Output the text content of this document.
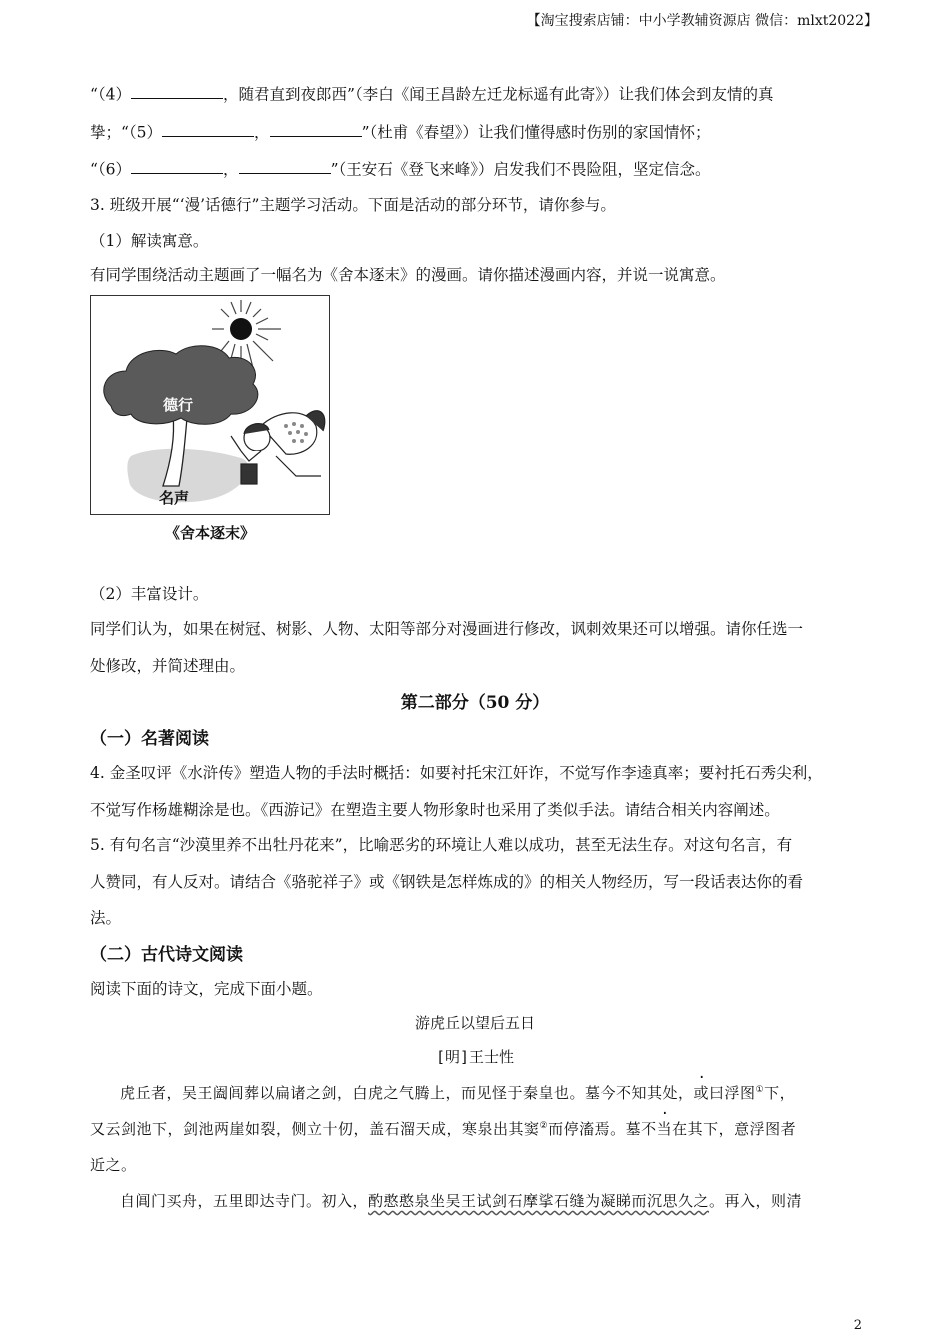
【淘宝搜索店铺：中小学教辅资源店 微信：mlxt2022】
“（4）	，随君直到夜郎西”（李白《闻王昌龄左迁龙标遥有此寄》）让我们体会到友情的真
挚；“（5）	，	”（杜甫《春望》）让我们懂得感时伤别的家国情怀；
“（6）	，	”（王安石《登飞来峰》）启发我们不畏险阻，坚定信念。
3. 班级开展“‘漫’话德行”主题学习活动。下面是活动的部分环节，请你参与。
（1）解读寓意。
有同学围绕活动主题画了一幅名为《舍本逐末》的漫画。请你描述漫画内容，并说一说寓意。
德行
名声
《舍本逐末》
（2）丰富设计。
同学们认为，如果在树冠、树影、人物、太阳等部分对漫画进行修改，讽刺效果还可以增强。请你任选一
处修改，并简述理由。
第二部分（50 分）
（一）名著阅读
4. 金圣叹评《水浒传》塑造人物的手法时概括：如要衬托宋江奸诈，不觉写作李逵真率；要衬托石秀尖利，
不觉写作杨雄糊涂是也。《西游记》在塑造主要人物形象时也采用了类似手法。请结合相关内容阐述。
5. 有句名言“沙漠里养不出牡丹花来”，比喻恶劣的环境让人难以成功，甚至无法生存。对这句名言，有
人赞同，有人反对。请结合《骆驼祥子》或《钢铁是怎样炼成的》的相关人物经历，写一段话表达你的看
法。
（二）古代诗文阅读
阅读下面的诗文，完成下面小题。
游虎丘以望后五日
[明]王士性
虎丘者，吴王阖闾葬以扁诸之剑，白虎之气腾上，而见怪于秦皇也。墓今不知其处，或曰浮图①下，
又云剑池下，剑池两崖如裂，侧立十仞，盖石溜天成，寒泉出其窦②而停滀焉。墓不当在其下，意浮图者
近之。
自阊门买舟，五里即达寺门。初入，酌憨憨泉坐吴王试剑石摩挲石缝为凝睇而沉思久之。再入，则清
2
